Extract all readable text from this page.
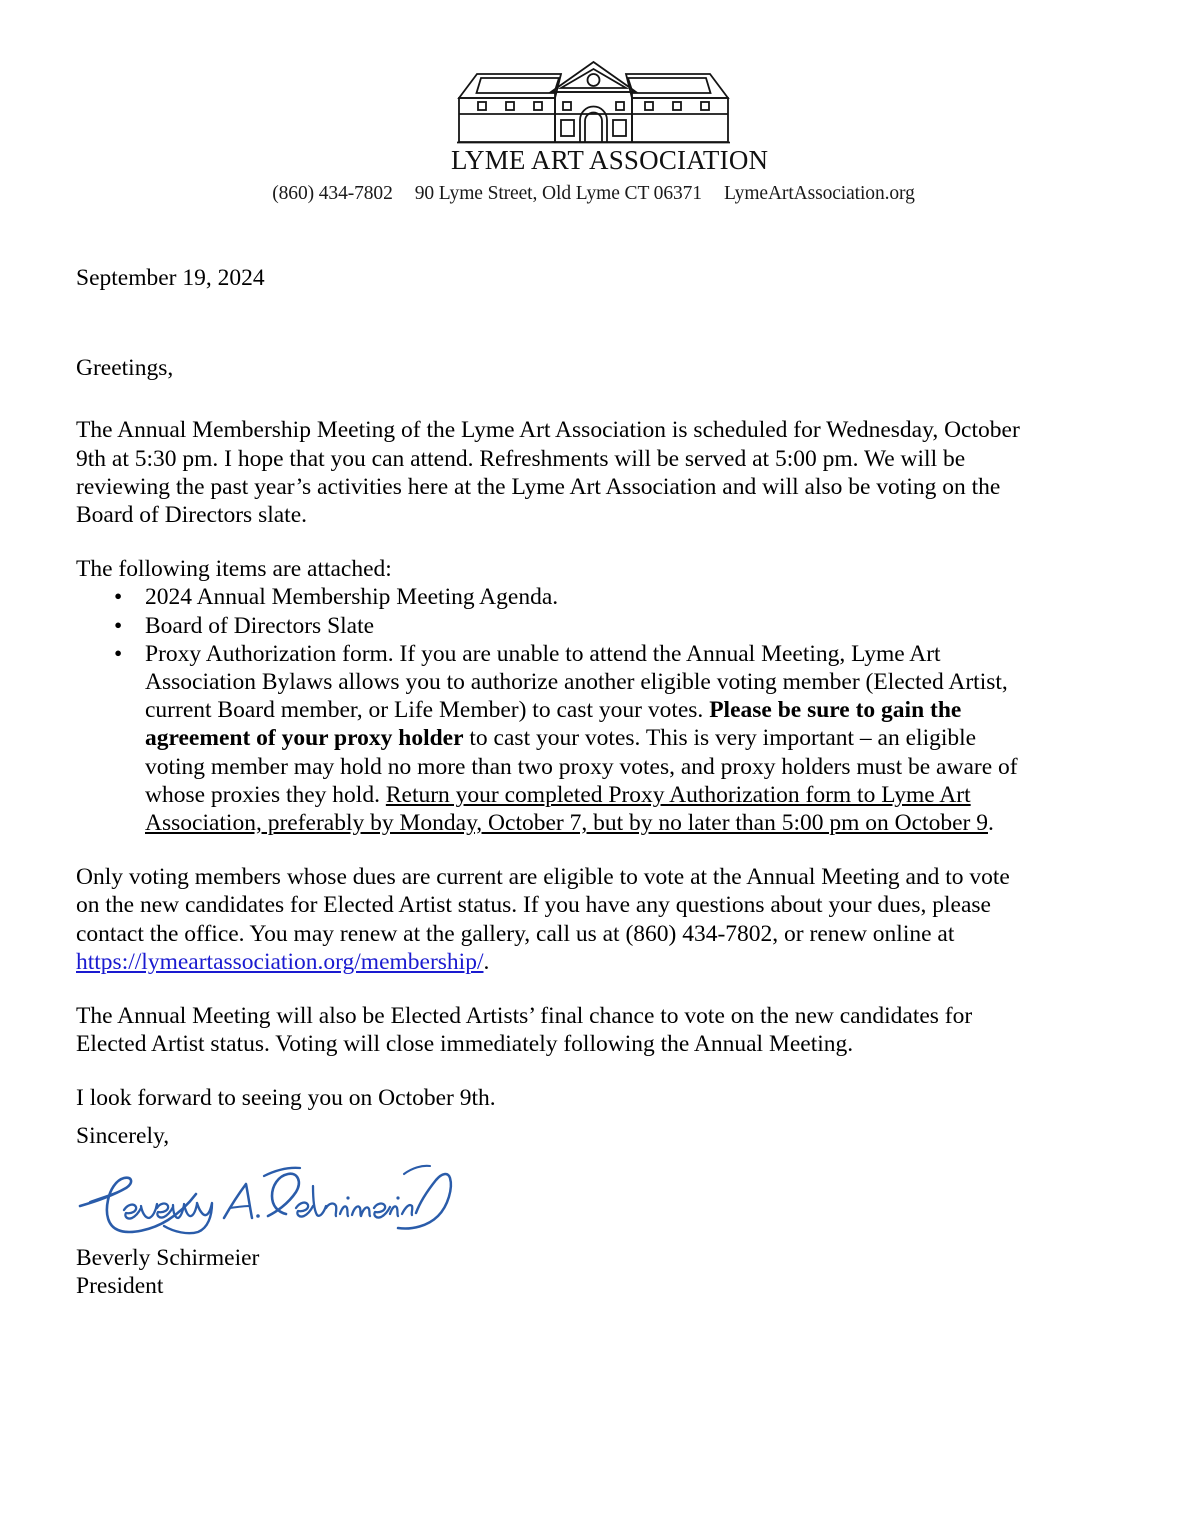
LYME ART ASSOCIATION
(860) 434-7802 90 Lyme Street, Old Lyme CT 06371 LymeArtAssociation.org

September 19, 2024

Greetings,

The Annual Membership Meeting of the Lyme Art Association is scheduled for Wednesday, October 9th at 5:30 pm. I hope that you can attend. Refreshments will be served at 5:00 pm. We will be reviewing the past year’s activities here at the Lyme Art Association and will also be voting on the Board of Directors slate.

The following items are attached:

• 2024 Annual Membership Meeting Agenda.
• Board of Directors Slate
• Proxy Authorization form. If you are unable to attend the Annual Meeting, Lyme Art Association Bylaws allows you to authorize another eligible voting member (Elected Artist, current Board member, or Life Member) to cast your votes. Please be sure to gain the agreement of your proxy holder to cast your votes. This is very important – an eligible voting member may hold no more than two proxy votes, and proxy holders must be aware of whose proxies they hold. Return your completed Proxy Authorization form to Lyme Art Association, preferably by Monday, October 7, but by no later than 5:00 pm on October 9.

Only voting members whose dues are current are eligible to vote at the Annual Meeting and to vote on the new candidates for Elected Artist status. If you have any questions about your dues, please contact the office. You may renew at the gallery, call us at (860) 434-7802, or renew online at https://lymeartassociation.org/membership/.

The Annual Meeting will also be Elected Artists’ final chance to vote on the new candidates for Elected Artist status. Voting will close immediately following the Annual Meeting.

I look forward to seeing you on October 9th.

Sincerely,

Beverly Schirmeier

President
